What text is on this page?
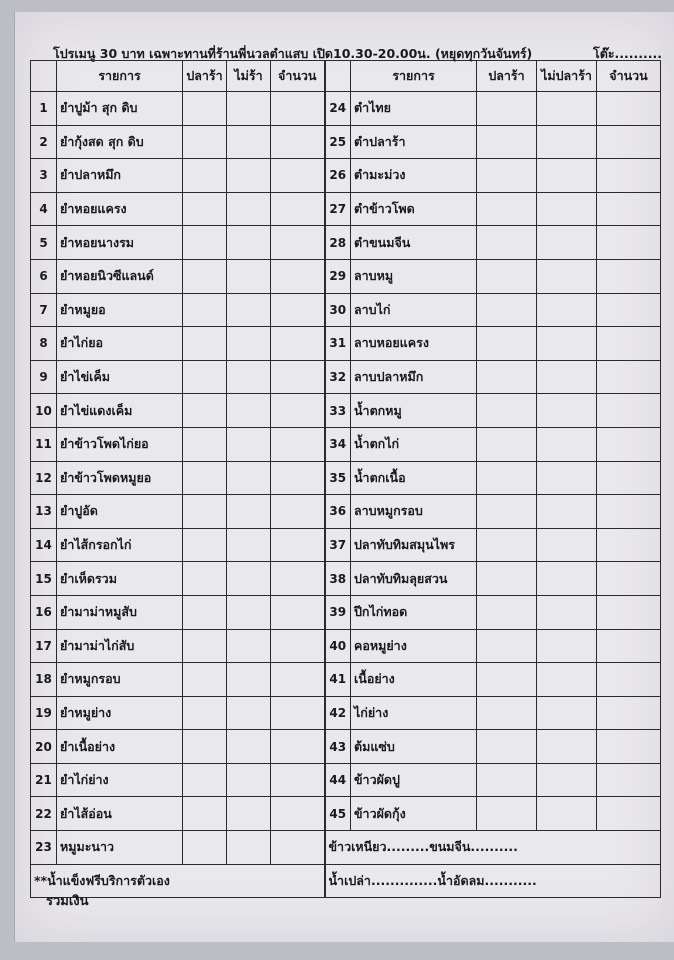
โปรเมนู 30 บาท เฉพาะทานที่ร้านพี่นวลตำแสบ เปิด10.30-20.00น. (หยุดทุกวันจันทร์)	โต๊ะ..........
	รายการ	ปลาร้า	ไม่ร้า	จำนวน		รายการ	ปลาร้า	ไม่ปลาร้า	จำนวน
1	ยำปูม้า สุก ดิบ				24	ตำไทย			
2	ยำกุ้งสด สุก ดิบ				25	ตำปลาร้า			
3	ยำปลาหมึก				26	ตำมะม่วง			
4	ยำหอยแครง				27	ตำข้าวโพด			
5	ยำหอยนางรม				28	ตำขนมจีน			
6	ยำหอยนิวซีแลนด์				29	ลาบหมู			
7	ยำหมูยอ				30	ลาบไก่			
8	ยำไก่ยอ				31	ลาบหอยแครง			
9	ยำไข่เค็ม				32	ลาบปลาหมึก			
10	ยำไข่แดงเค็ม				33	น้ำตกหมู			
11	ยำข้าวโพดไก่ยอ				34	น้ำตกไก่			
12	ยำข้าวโพดหมูยอ				35	น้ำตกเนื้อ			
13	ยำปูอัด				36	ลาบหมูกรอบ			
14	ยำไส้กรอกไก่				37	ปลาทับทิมสมุนไพร			
15	ยำเห็ดรวม				38	ปลาทับทิมลุยสวน			
16	ยำมาม่าหมูสับ				39	ปีกไก่ทอด			
17	ยำมาม่าไก่สับ				40	คอหมูย่าง			
18	ยำหมูกรอบ				41	เนื้อย่าง			
19	ยำหมูย่าง				42	ไก่ย่าง			
20	ยำเนื้อย่าง				43	ต้มแซ่บ			
21	ยำไก่ย่าง				44	ข้าวผัดปู			
22	ยำไส้อ่อน				45	ข้าวผัดกุ้ง			
23	หมูมะนาว				ข้าวเหนียว.........ขนมจีน..........				
**น้ำแข็งฟรีบริการตัวเอง					น้ำเปล่า..............น้ำอัดลม...........				
รวมเงิน
